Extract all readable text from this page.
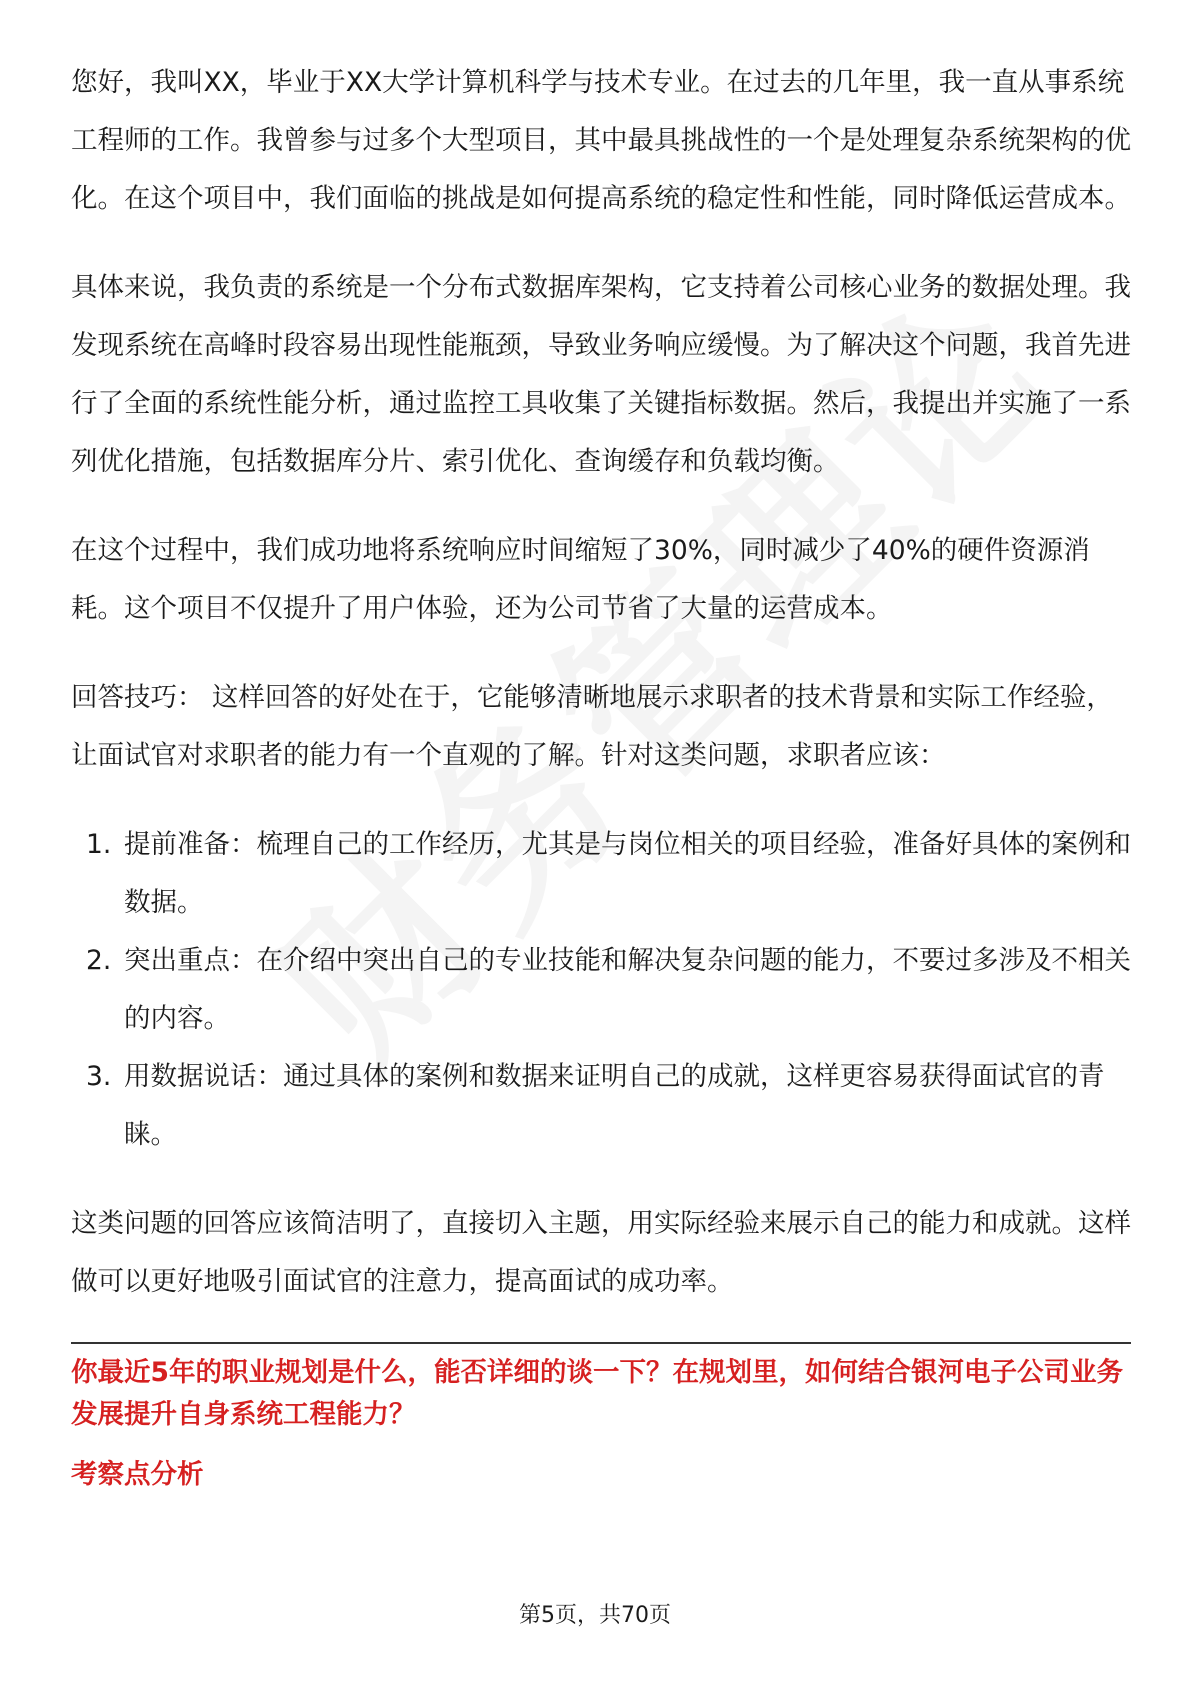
您好，我叫XX，毕业于XX大学计算机科学与技术专业。在过去的几年里，我一直从事系统工程师的工作。我曾参与过多个大型项目，其中最具挑战性的一个是处理复杂系统架构的优化。在这个项目中，我们面临的挑战是如何提高系统的稳定性和性能，同时降低运营成本。

具体来说，我负责的系统是一个分布式数据库架构，它支持着公司核心业务的数据处理。我发现系统在高峰时段容易出现性能瓶颈，导致业务响应缓慢。为了解决这个问题，我首先进行了全面的系统性能分析，通过监控工具收集了关键指标数据。然后，我提出并实施了一系列优化措施，包括数据库分片、索引优化、查询缓存和负载均衡。

在这个过程中，我们成功地将系统响应时间缩短了30%，同时减少了40%的硬件资源消耗。这个项目不仅提升了用户体验，还为公司节省了大量的运营成本。

回答技巧： 这样回答的好处在于，它能够清晰地展示求职者的技术背景和实际工作经验，让面试官对求职者的能力有一个直观的了解。针对这类问题，求职者应该：

1. 提前准备：梳理自己的工作经历，尤其是与岗位相关的项目经验，准备好具体的案例和数据。
2. 突出重点：在介绍中突出自己的专业技能和解决复杂问题的能力，不要过多涉及不相关的内容。
3. 用数据说话：通过具体的案例和数据来证明自己的成就，这样更容易获得面试官的青睐。

这类问题的回答应该简洁明了，直接切入主题，用实际经验来展示自己的能力和成就。这样做可以更好地吸引面试官的注意力，提高面试的成功率。

你最近5年的职业规划是什么，能否详细的谈一下？在规划里，如何结合银河电子公司业务发展提升自身系统工程能力？
考察点分析
第5页，共70页
